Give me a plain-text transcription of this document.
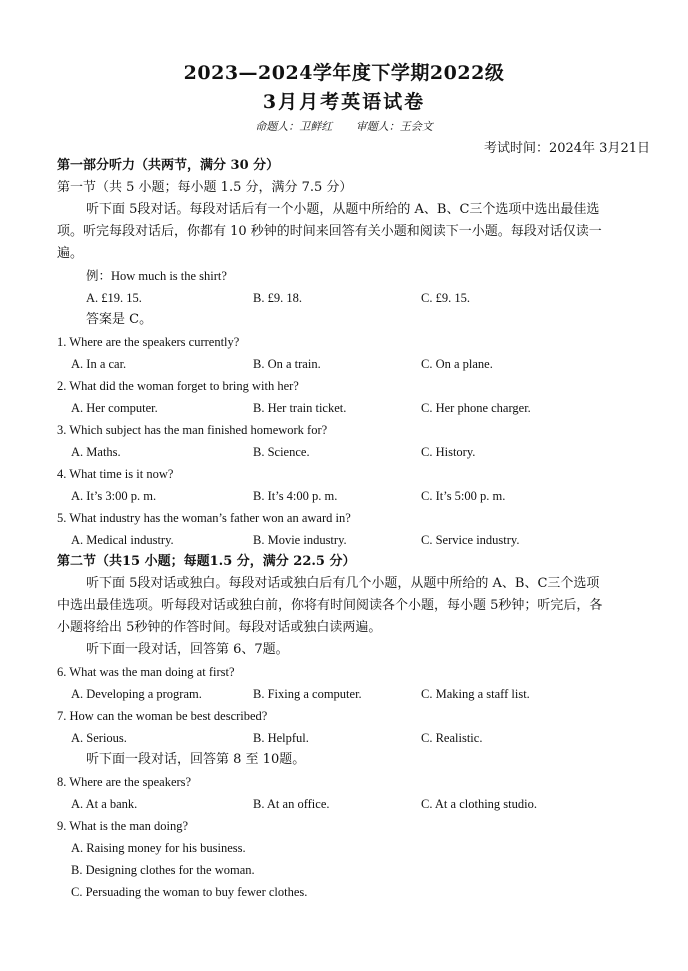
2023—2024学年度下学期2022级
3月月考英语试卷
命题人：卫鲜红 审题人：王会文
考试时间：2024年 3月21日
第一部分听力（共两节，满分 30 分）
第一节（共 5 小题；每小题 1.5 分，满分 7.5 分）
听下面 5段对话。每段对话后有一个小题，从题中所给的 A、B、C三个选项中选出最佳选
项。听完每段对话后，你都有 10 秒钟的时间来回答有关小题和阅读下一小题。每段对话仅读一
遍。
例：How much is the shirt?
A. £19. 15.	B. £9. 18.	C. £9. 15.
答案是 C。
1. Where are the speakers currently?
A. In a car.	B. On a train.	C. On a plane.
2. What did the woman forget to bring with her?
A. Her computer.	B. Her train ticket.	C. Her phone charger.
3. Which subject has the man finished homework for?
A. Maths.	B. Science.	C. History.
4. What time is it now?
A. It’s 3:00 p. m.	B. It’s 4:00 p. m.	C. It’s 5:00 p. m.
5. What industry has the woman’s father won an award in?
A. Medical industry.	B. Movie industry.	C. Service industry.
第二节（共15 小题；每题1.5 分，满分 22.5 分）
听下面 5段对话或独白。每段对话或独白后有几个小题，从题中所给的 A、B、C三个选项
中选出最佳选项。听每段对话或独白前，你将有时间阅读各个小题，每小题 5秒钟；听完后，各
小题将给出 5秒钟的作答时间。每段对话或独白读两遍。
听下面一段对话，回答第 6、7题。
6. What was the man doing at first?
A. Developing a program.	B. Fixing a computer.	C. Making a staff list.
7. How can the woman be best described?
A. Serious.	B. Helpful.	C. Realistic.
听下面一段对话，回答第 8 至 10题。
8. Where are the speakers?
A. At a bank.	B. At an office.	C. At a clothing studio.
9. What is the man doing?
A. Raising money for his business.
B. Designing clothes for the woman.
C. Persuading the woman to buy fewer clothes.
